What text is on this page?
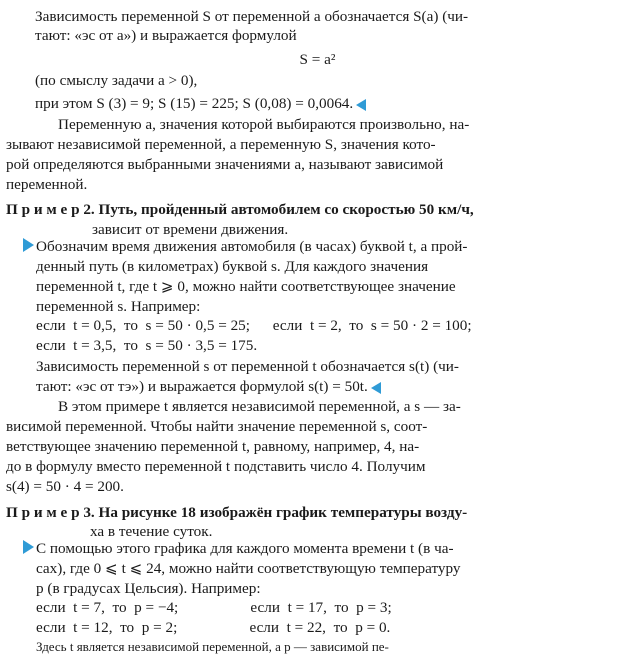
Зависимость переменной S от переменной a обозначается S(a) (чи-
тают: «эс от а») и выражается формулой
S = a²
(по смыслу задачи a > 0),
при этом S (3) = 9; S (15) = 225; S (0,08) = 0,0064.
Переменную a, значения которой выбираются произвольно, на-
зывают независимой переменной, а переменную S, значения кото-
рой определяются выбранными значениями a, называют зависимой
переменной.
П р и м е р 2. Путь, пройденный автомобилем со скоростью 50 км/ч,
зависит от времени движения.
Обозначим время движения автомобиля (в часах) буквой t, а прой-
денный путь (в километрах) буквой s. Для каждого значения
переменной t, где t ⩾ 0, можно найти соответствующее значение
переменной s. Например:
если  t = 0,5,  то  s = 50 · 0,5 = 25;      если  t = 2,  то  s = 50 · 2 = 100;
если  t = 3,5,  то  s = 50 · 3,5 = 175.
Зависимость переменной s от переменной t обозначается s(t) (чи-
тают: «эс от тэ») и выражается формулой s(t) = 50t.
В этом примере t является независимой переменной, а s — за-
висимой переменной. Чтобы найти значение переменной s, соот-
ветствующее значению переменной t, равному, например, 4, на-
до в формулу вместо переменной t подставить число 4. Получим
s(4) = 50 · 4 = 200.
П р и м е р 3. На рисунке 18 изображён график температуры возду-
ха в течение суток.
С помощью этого графика для каждого момента времени t (в ча-
сах), где 0 ⩽ t ⩽ 24, можно найти соответствующую температуру
p (в градусах Цельсия). Например:
если  t = 7,  то  p = −4;                   если  t = 17,  то  p = 3;
если  t = 12,  то  p = 2;                   если  t = 22,  то  p = 0.
Здесь t является независимой переменной, а p — зависимой пе-
